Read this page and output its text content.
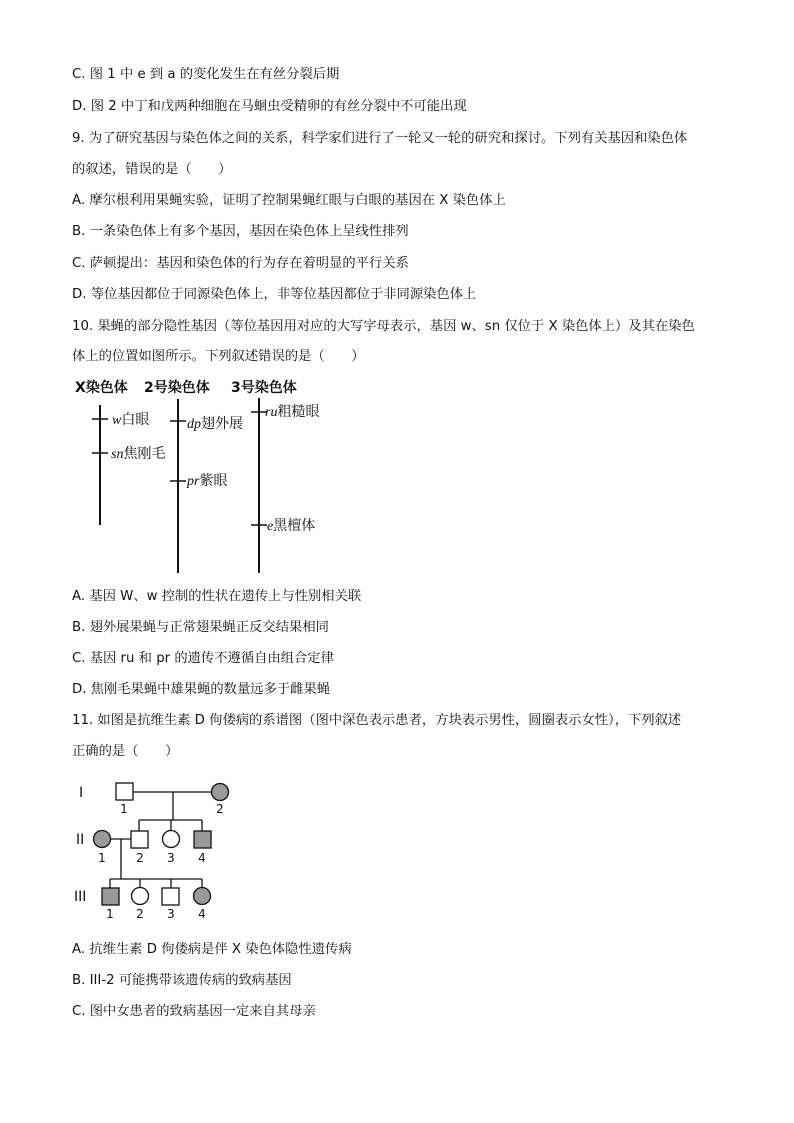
C. 图 1 中 e 到 a 的变化发生在有丝分裂后期
D. 图 2 中丁和戊两种细胞在马蛔虫受精卵的有丝分裂中不可能出现
9. 为了研究基因与染色体之间的关系，科学家们进行了一轮又一轮的研究和探讨。下列有关基因和染色体
的叙述，错误的是（　　）
A. 摩尔根利用果蝇实验，证明了控制果蝇红眼与白眼的基因在 X 染色体上
B. 一条染色体上有多个基因，基因在染色体上呈线性排列
C. 萨顿提出：基因和染色体的行为存在着明显的平行关系
D. 等位基因都位于同源染色体上，非等位基因都位于非同源染色体上
10. 果蝇的部分隐性基因（等位基因用对应的大写字母表示，基因 w、sn 仅位于 X 染色体上）及其在染色
体上的位置如图所示。下列叙述错误的是（　　）
X染色体 2号染色体 3号染色体
w白眼
sn焦刚毛
dp翅外展
pr紫眼
ru粗糙眼
e黑檀体
A. 基因 W、w 控制的性状在遗传上与性别相关联
B. 翅外展果蝇与正常翅果蝇正反交结果相同
C. 基因 ru 和 pr 的遗传不遵循自由组合定律
D. 焦刚毛果蝇中雄果蝇的数量远多于雌果蝇
11. 如图是抗维生素 D 佝偻病的系谱图（图中深色表示患者，方块表示男性，圆圈表示女性），下列叙述
正确的是（　　）
I
II
III
1	2
1	2 3 4
1 2 3 4
A. 抗维生素 D 佝偻病是伴 X 染色体隐性遗传病
B. III-2 可能携带该遗传病的致病基因
C. 图中女患者的致病基因一定来自其母亲
